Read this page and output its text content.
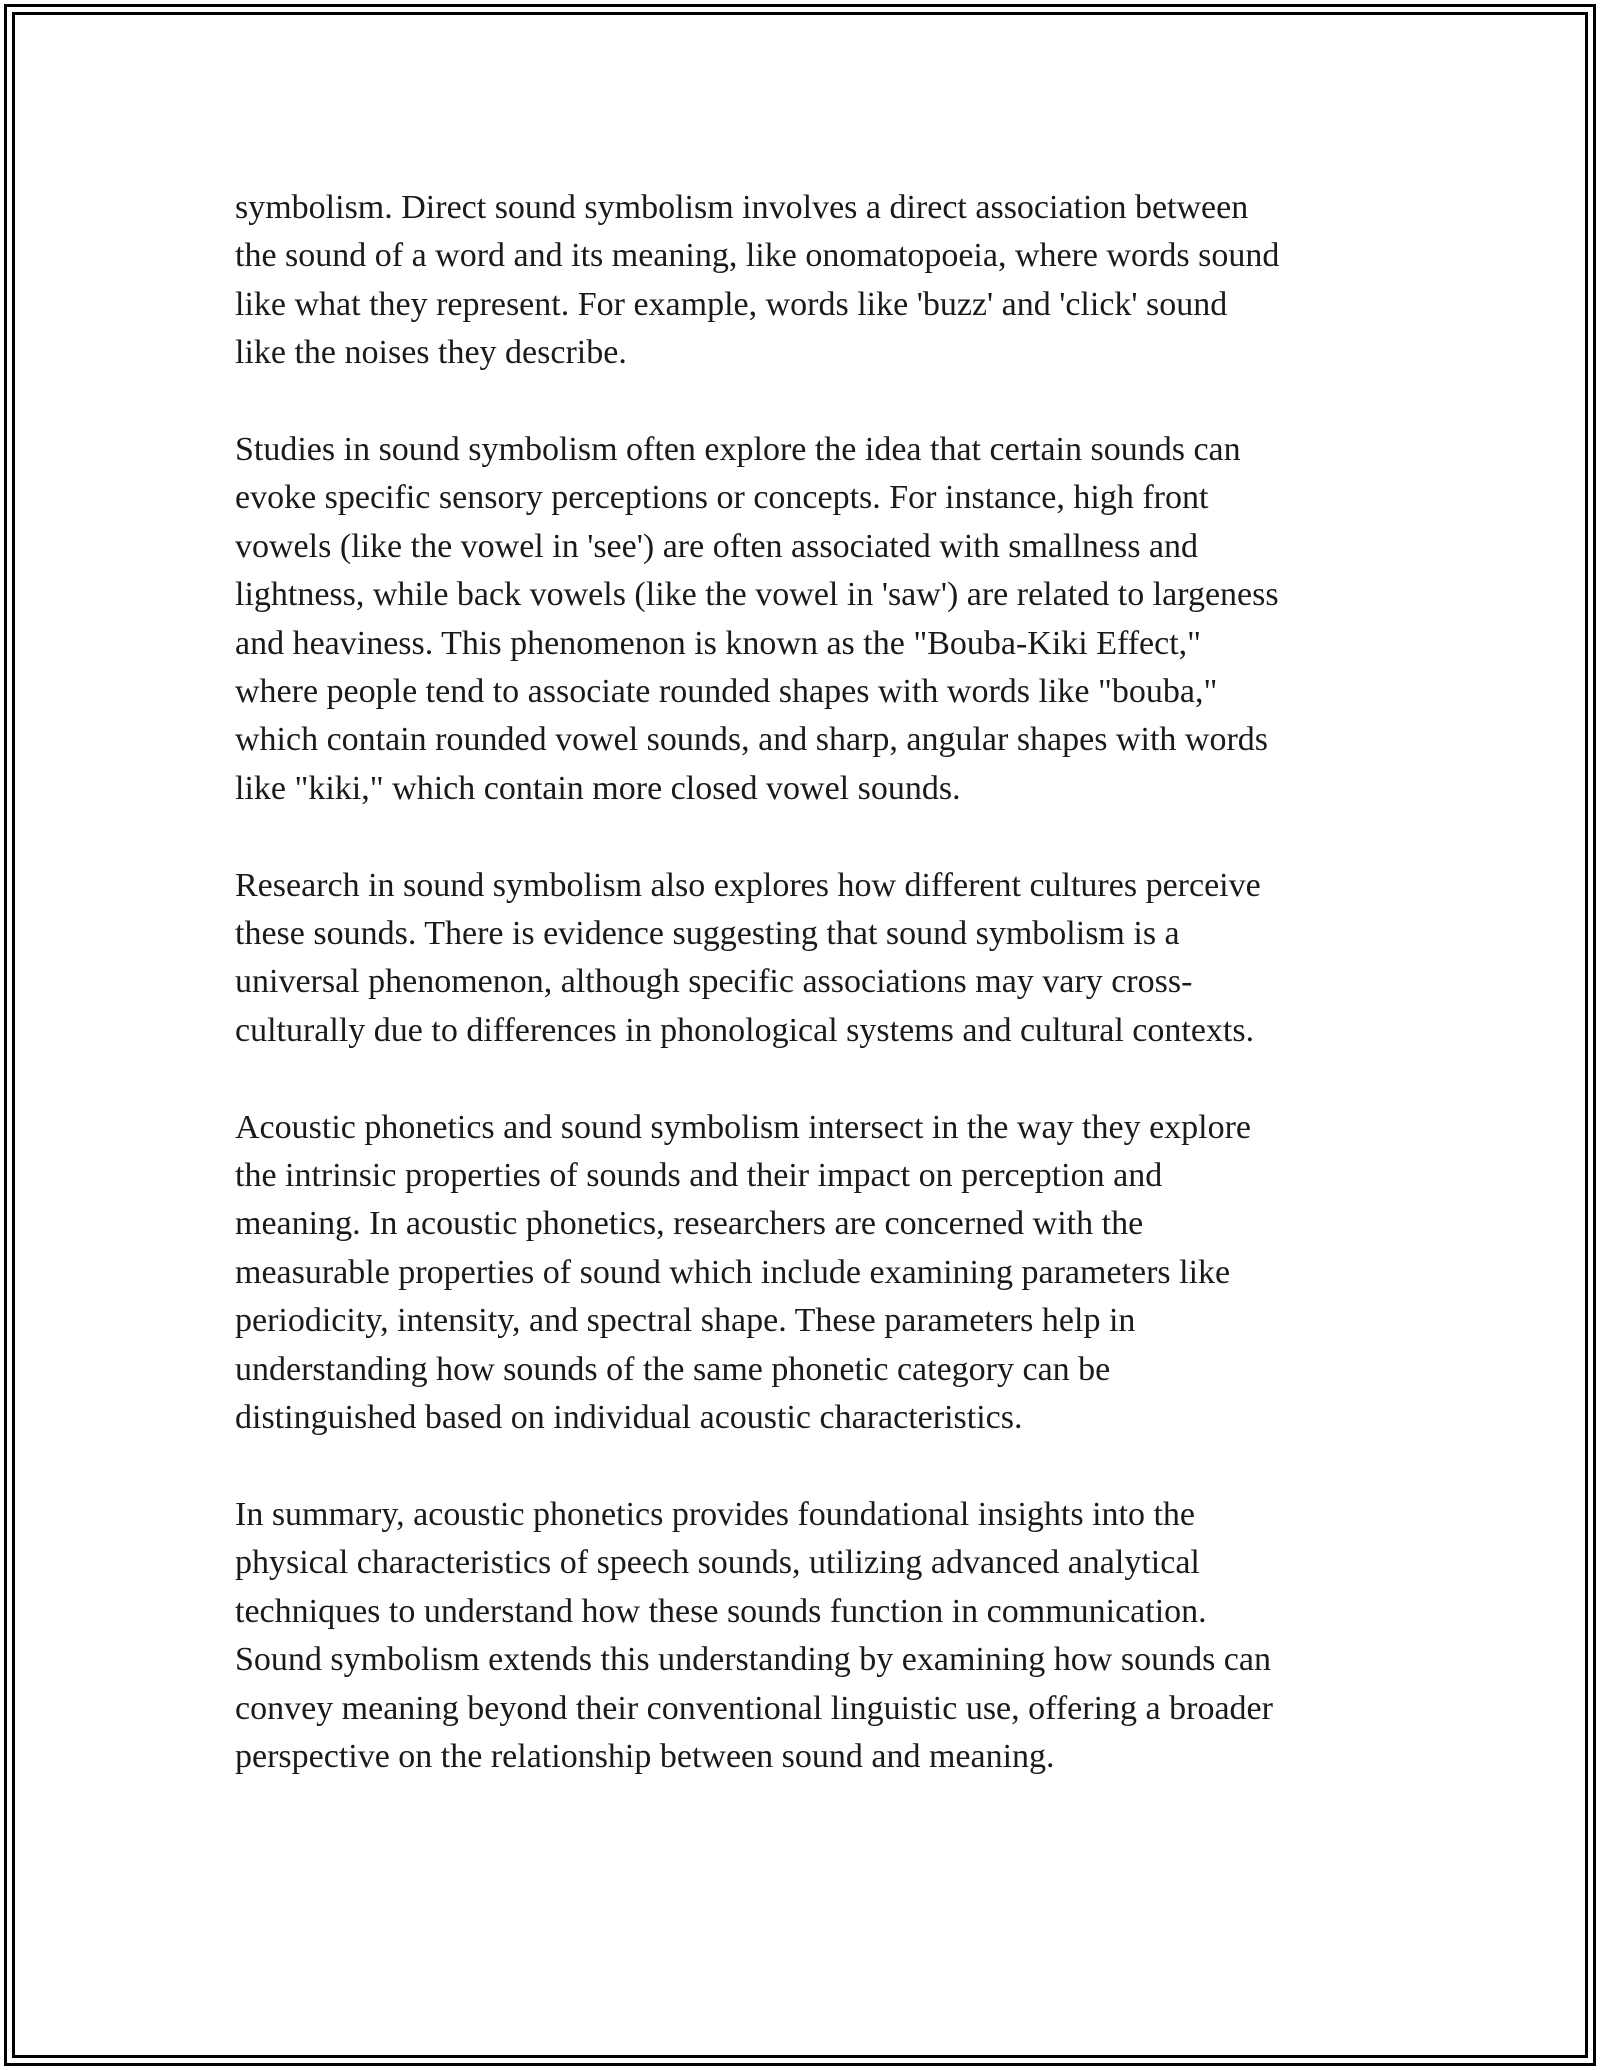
symbolism. Direct sound symbolism involves a direct association between
the sound of a word and its meaning, like onomatopoeia, where words sound
like what they represent. For example, words like 'buzz' and 'click' sound
like the noises they describe.

Studies in sound symbolism often explore the idea that certain sounds can
evoke specific sensory perceptions or concepts. For instance, high front
vowels (like the vowel in 'see') are often associated with smallness and
lightness, while back vowels (like the vowel in 'saw') are related to largeness
and heaviness. This phenomenon is known as the "Bouba-Kiki Effect,"
where people tend to associate rounded shapes with words like "bouba,"
which contain rounded vowel sounds, and sharp, angular shapes with words
like "kiki," which contain more closed vowel sounds.

Research in sound symbolism also explores how different cultures perceive
these sounds. There is evidence suggesting that sound symbolism is a
universal phenomenon, although specific associations may vary cross-
culturally due to differences in phonological systems and cultural contexts.

Acoustic phonetics and sound symbolism intersect in the way they explore
the intrinsic properties of sounds and their impact on perception and
meaning. In acoustic phonetics, researchers are concerned with the
measurable properties of sound which include examining parameters like
periodicity, intensity, and spectral shape. These parameters help in
understanding how sounds of the same phonetic category can be
distinguished based on individual acoustic characteristics.

In summary, acoustic phonetics provides foundational insights into the
physical characteristics of speech sounds, utilizing advanced analytical
techniques to understand how these sounds function in communication.
Sound symbolism extends this understanding by examining how sounds can
convey meaning beyond their conventional linguistic use, offering a broader
perspective on the relationship between sound and meaning.
